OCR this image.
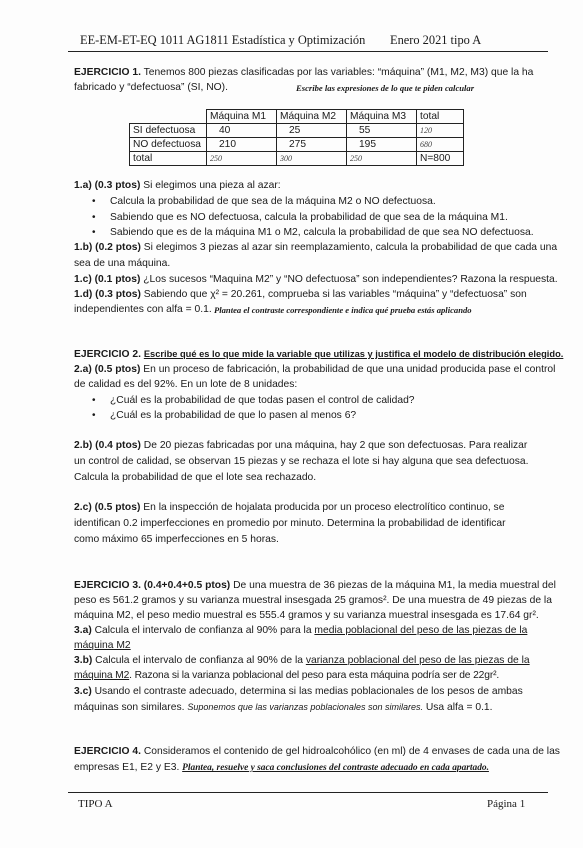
EE-EM-ET-EQ 1011 AG1811 Estadística y Optimización Enero 2021 tipo A
EJERCICIO 1. Tenemos 800 piezas clasificadas por las variables: “máquina” (M1, M2, M3) que la ha
fabricado y “defectuosa” (SI, NO).	Escribe las expresiones de lo que te piden calcular
	Máquina M1	Máquina M2	Máquina M3	total
SI defectuosa	40	25	55	120
NO defectuosa	210	275	195	680
total	250	300	250	N=800
1.a) (0.3 ptos) Si elegimos una pieza al azar:
• Calcula la probabilidad de que sea de la máquina M2 o NO defectuosa.
• Sabiendo que es NO defectuosa, calcula la probabilidad de que sea de la máquina M1.
• Sabiendo que es de la máquina M1 o M2, calcula la probabilidad de que sea NO defectuosa.
1.b) (0.2 ptos) Si elegimos 3 piezas al azar sin reemplazamiento, calcula la probabilidad de que cada una
sea de una máquina.
1.c) (0.1 ptos) ¿Los sucesos “Maquina M2” y “NO defectuosa” son independientes? Razona la respuesta.
1.d) (0.3 ptos) Sabiendo que χ² = 20.261, comprueba si las variables “máquina” y “defectuosa” son
independientes con alfa = 0.1. Plantea el contraste correspondiente e indica qué prueba estás aplicando
EJERCICIO 2. Escribe qué es lo que mide la variable que utilizas y justifica el modelo de distribución elegido.
2.a) (0.5 ptos) En un proceso de fabricación, la probabilidad de que una unidad producida pase el control
de calidad es del 92%. En un lote de 8 unidades:
• ¿Cuál es la probabilidad de que todas pasen el control de calidad?
• ¿Cuál es la probabilidad de que lo pasen al menos 6?
2.b) (0.4 ptos) De 20 piezas fabricadas por una máquina, hay 2 que son defectuosas. Para realizar
un control de calidad, se observan 15 piezas y se rechaza el lote si hay alguna que sea defectuosa.
Calcula la probabilidad de que el lote sea rechazado.
2.c) (0.5 ptos) En la inspección de hojalata producida por un proceso electrolítico continuo, se
identifican 0.2 imperfecciones en promedio por minuto. Determina la probabilidad de identificar
como máximo 65 imperfecciones en 5 horas.
EJERCICIO 3. (0.4+0.4+0.5 ptos) De una muestra de 36 piezas de la máquina M1, la media muestral del
peso es 561.2 gramos y su varianza muestral insesgada 25 gramos². De una muestra de 49 piezas de la
máquina M2, el peso medio muestral es 555.4 gramos y su varianza muestral insesgada es 17.64 gr².
3.a) Calcula el intervalo de confianza al 90% para la media poblacional del peso de las piezas de la
máquina M2
3.b) Calcula el intervalo de confianza al 90% de la varianza poblacional del peso de las piezas de la
máquina M2. Razona si la varianza poblacional del peso para esta máquina podría ser de 22gr².
3.c) Usando el contraste adecuado, determina si las medias poblacionales de los pesos de ambas
máquinas son similares. Suponemos que las varianzas poblacionales son similares. Usa alfa = 0.1.
EJERCICIO 4. Consideramos el contenido de gel hidroalcohólico (en ml) de 4 envases de cada una de las
empresas E1, E2 y E3. Plantea, resuelve y saca conclusiones del contraste adecuado en cada apartado.
TIPO A	Página 1
